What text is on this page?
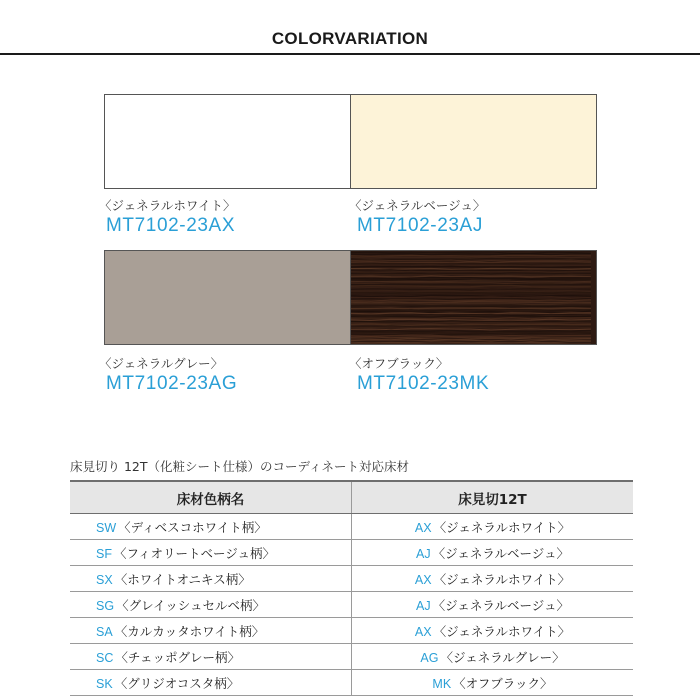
COLORVARIATION
〈ジェネラルホワイト〉
MT7102-23AX
〈ジェネラルベージュ〉
MT7102-23AJ
〈ジェネラルグレー〉
MT7102-23AG
〈オフブラック〉
MT7102-23MK
床見切り 12T（化粧シート仕様）のコーディネート対応床材
床材色柄名	床見切12T
SW 〈ディベスコホワイト柄〉	AX 〈ジェネラルホワイト〉
SF 〈フィオリートベージュ柄〉	AJ 〈ジェネラルベージュ〉
SX 〈ホワイトオニキス柄〉	AX 〈ジェネラルホワイト〉
SG 〈グレイッシュセルベ柄〉	AJ 〈ジェネラルベージュ〉
SA 〈カルカッタホワイト柄〉	AX 〈ジェネラルホワイト〉
SC 〈チェッポグレー柄〉	AG 〈ジェネラルグレー〉
SK 〈グリジオコスタ柄〉	MK 〈オフブラック〉
